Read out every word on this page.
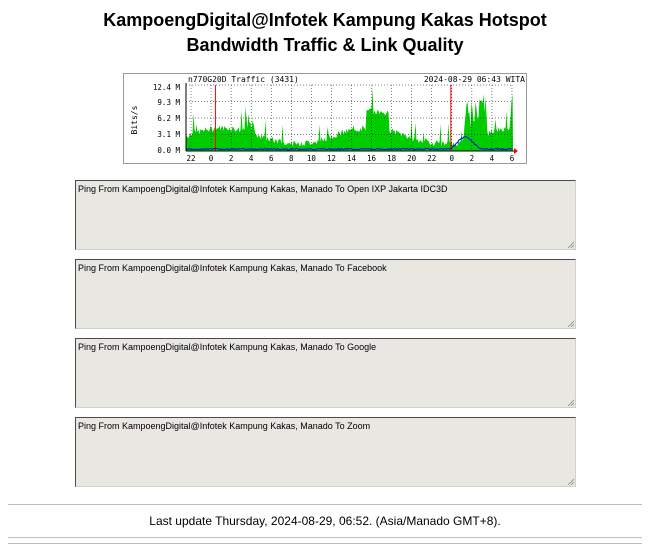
KampoengDigital@Infotek Kampung Kakas Hotspot
Bandwidth Traffic & Link Quality
Bits/s
n770G20D Traffic (3431)	2024-08-29 06:43 WITA
12.4 M
9.3 M
6.2 M
3.1 M
0.0 M
22 0 2 4 6 8 10 12 14 16 18 20 22 0 2 4 6
Ping From KampoengDigital@Infotek Kampung Kakas, Manado To Open IXP Jakarta IDC3D
Ping From KampoengDigital@Infotek Kampung Kakas, Manado To Facebook
Ping From KampoengDigital@Infotek Kampung Kakas, Manado To Google
Ping From KampoengDigital@Infotek Kampung Kakas, Manado To Zoom
Last update Thursday, 2024-08-29, 06:52. (Asia/Manado GMT+8).
